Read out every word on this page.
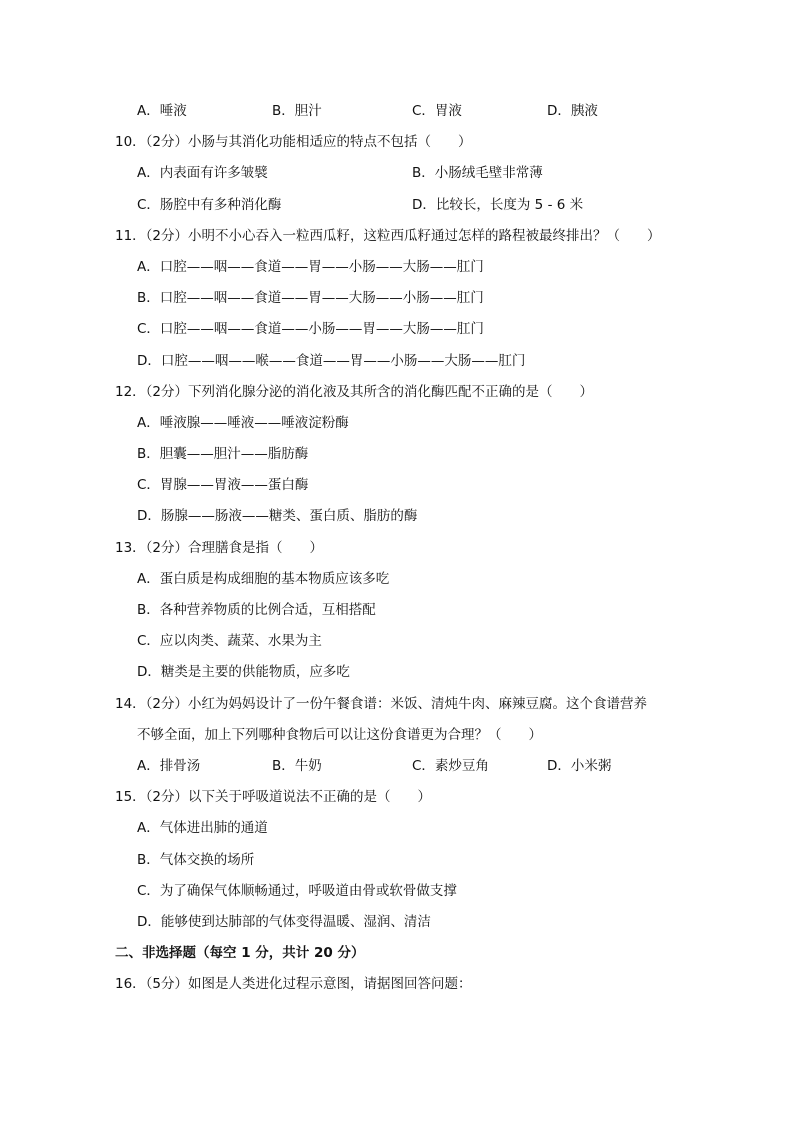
A．唾液	B．胆汁	C．胃液	D．胰液
10．（2分）小肠与其消化功能相适应的特点不包括（　　）
A．内表面有许多皱襞	B．小肠绒毛壁非常薄
C．肠腔中有多种消化酶	D．比较长，长度为 5 - 6 米
11．（2分）小明不小心吞入一粒西瓜籽，这粒西瓜籽通过怎样的路程被最终排出？（　　）
A．口腔——咽——食道——胃——小肠——大肠——肛门
B．口腔——咽——食道——胃——大肠——小肠——肛门
C．口腔——咽——食道——小肠——胃——大肠——肛门
D．口腔——咽——喉——食道——胃——小肠——大肠——肛门
12．（2分）下列消化腺分泌的消化液及其所含的消化酶匹配不正确的是（　　）
A．唾液腺——唾液——唾液淀粉酶
B．胆囊——胆汁——脂肪酶
C．胃腺——胃液——蛋白酶
D．肠腺——肠液——糖类、蛋白质、脂肪的酶
13．（2分）合理膳食是指（　　）
A．蛋白质是构成细胞的基本物质应该多吃
B．各种营养物质的比例合适，互相搭配
C．应以肉类、蔬菜、水果为主
D．糖类是主要的供能物质，应多吃
14．（2分）小红为妈妈设计了一份午餐食谱：米饭、清炖牛肉、麻辣豆腐。这个食谱营养
不够全面，加上下列哪种食物后可以让这份食谱更为合理？（　　）
A．排骨汤	B．牛奶	C．素炒豆角	D．小米粥
15．（2分）以下关于呼吸道说法不正确的是（　　）
A．气体进出肺的通道
B．气体交换的场所
C．为了确保气体顺畅通过，呼吸道由骨或软骨做支撑
D．能够使到达肺部的气体变得温暖、湿润、清洁
二、非选择题（每空 1 分，共计 20 分）
16．（5分）如图是人类进化过程示意图，请据图回答问题：
